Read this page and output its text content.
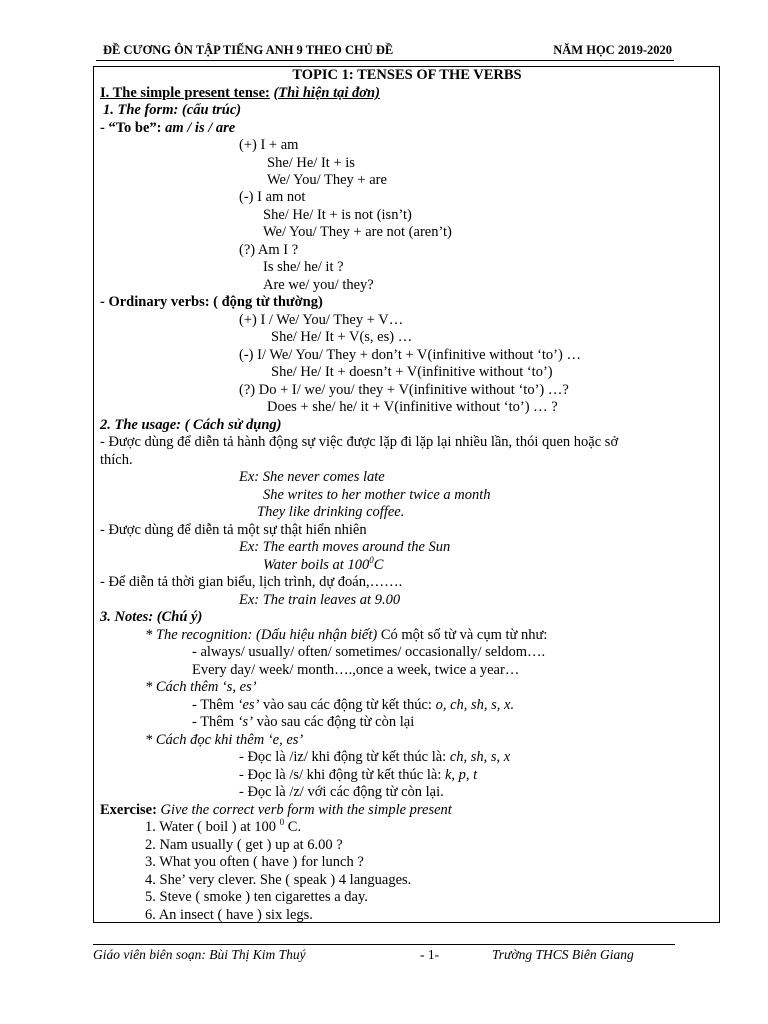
ĐỀ CƯƠNG ÔN TẬP TIẾNG ANH 9 THEO CHỦ ĐỀ	NĂM HỌC 2019-2020
TOPIC 1: TENSES OF THE VERBS
I. The simple present tense: (Thì hiện tại đơn)
1. The form: (cấu trúc)
- “To be”: am / is / are
(+) I + am
She/ He/ It + is
We/ You/ They + are
(-) I am not
She/ He/ It + is not (isn’t)
We/ You/ They + are not (aren’t)
(?) Am I ?
Is she/ he/ it ?
Are we/ you/ they?
- Ordinary verbs: ( động từ thường)
(+) I / We/ You/ They + V…
She/ He/ It + V(s, es) …
(-) I/ We/ You/ They + don’t + V(infinitive without ‘to’) …
She/ He/ It + doesn’t + V(infinitive without ‘to’)
(?) Do + I/ we/ you/ they + V(infinitive without ‘to’) …?
Does + she/ he/ it + V(infinitive without ‘to’) … ?
2. The usage: ( Cách sử dụng)
- Được dùng để diễn tả hành động sự việc được lặp đi lặp lại nhiều lần, thói quen hoặc sở
thích.
Ex: She never comes late
She writes to her mother twice a month
They like drinking coffee.
- Được dùng để diễn tả một sự thật hiển nhiên
Ex: The earth moves around the Sun
Water boils at $100^0C$
- Để diễn tả thời gian biểu, lịch trình, dự đoán,…….
Ex: The train leaves at 9.00
3. Notes: (Chú ý)
* The recognition: (Dấu hiệu nhận biết) Có một số từ và cụm từ như:
- always/ usually/ often/ sometimes/ occasionally/ seldom….
Every day/ week/ month….,once a week, twice a year…
* Cách thêm ‘s, es’
- Thêm ‘es’ vào sau các động từ kết thúc: o, ch, sh, s, x.
- Thêm ‘s’ vào sau các động từ còn lại
* Cách đọc khi thêm ‘e, es’
- Đọc là /iz/ khi động từ kết thúc là: ch, sh, s, x
- Đọc là /s/ khi động từ kết thúc là: k, p, t
- Đọc là /z/ với các động từ còn lại.
Exercise: Give the correct verb form with the simple present
1. Water ( boil ) at 100 $^0$ C.
2. Nam usually ( get ) up at 6.00 ?
3. What you often ( have ) for lunch ?
4. She’ very clever. She ( speak ) 4 languages.
5. Steve ( smoke ) ten cigarettes a day.
6. An insect ( have ) six legs.
Giáo viên biên soạn: Bùi Thị Kim Thuý	- 1-	Trường THCS Biên Giang
